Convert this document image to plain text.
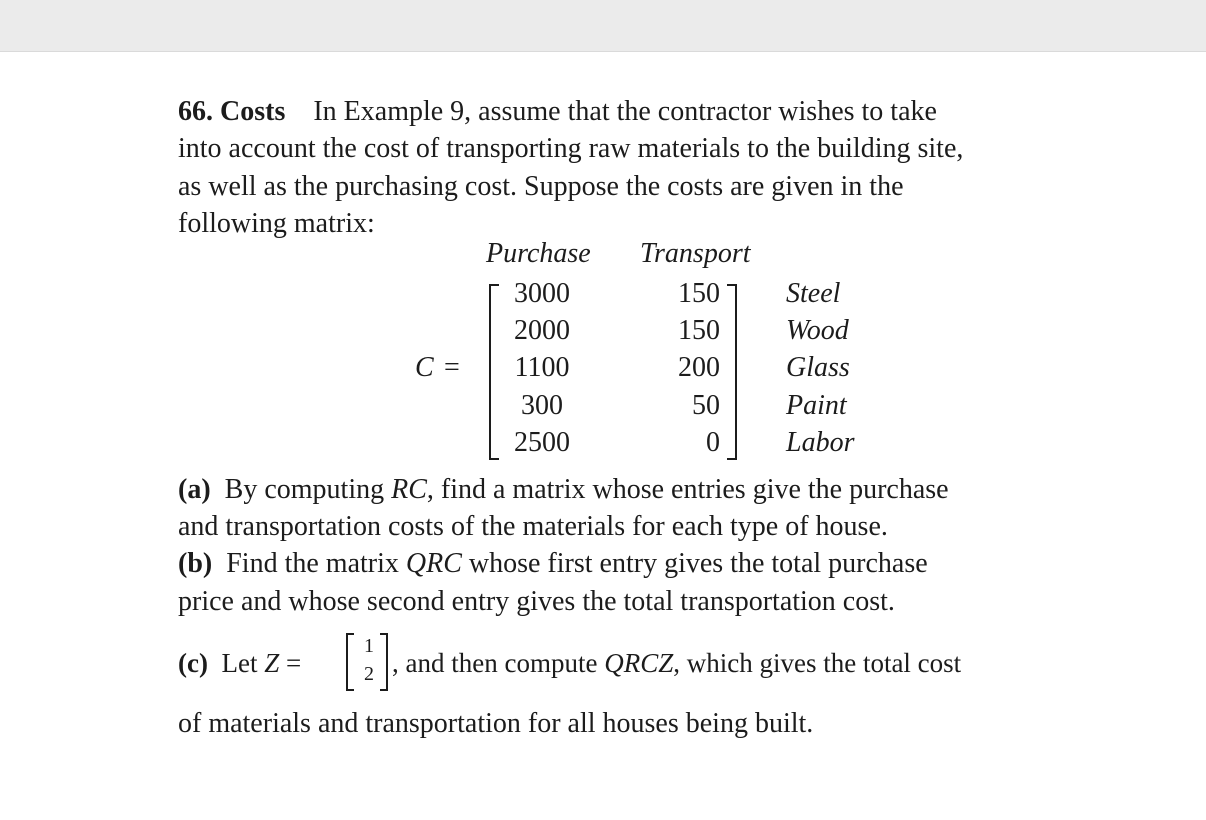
66. Costs In Example 9, assume that the contractor wishes to take
into account the cost of transporting raw materials to the building site,
as well as the purchasing cost. Suppose the costs are given in the
following matrix:
Purchase Transport
C =
3000	150 Steel
2000	150 Wood
1100	200 Glass
300	50 Paint
2500	0 Labor
(a) By computing RC, find a matrix whose entries give the purchase
and transportation costs of the materials for each type of house.
(b) Find the matrix QRC whose first entry gives the total purchase
price and whose second entry gives the total transportation cost.
(c) Let Z =
1
2 , and then compute QRCZ, which gives the total cost
of materials and transportation for all houses being built.
